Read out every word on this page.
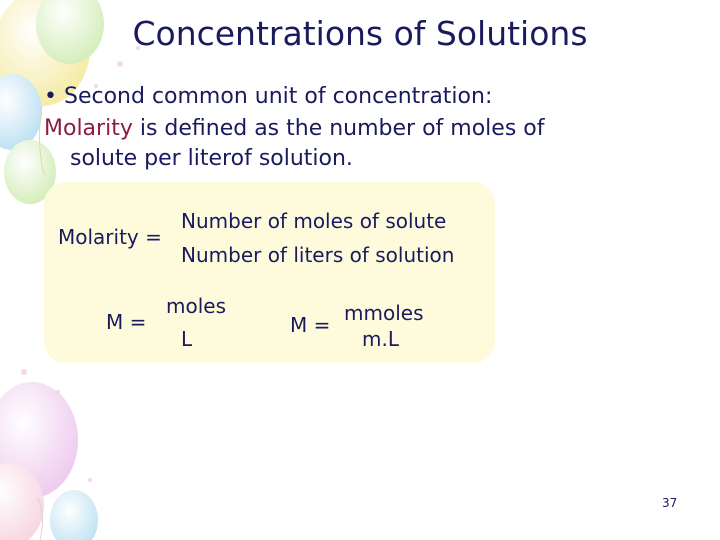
Concentrations of Solutions
• Second common unit of concentration:
Molarity is defined as the number of moles of
solute per literof solution.
Molarity =
Number of moles of solute
Number of liters of solution
M =
moles
L
M = mmoles
m.L
37
